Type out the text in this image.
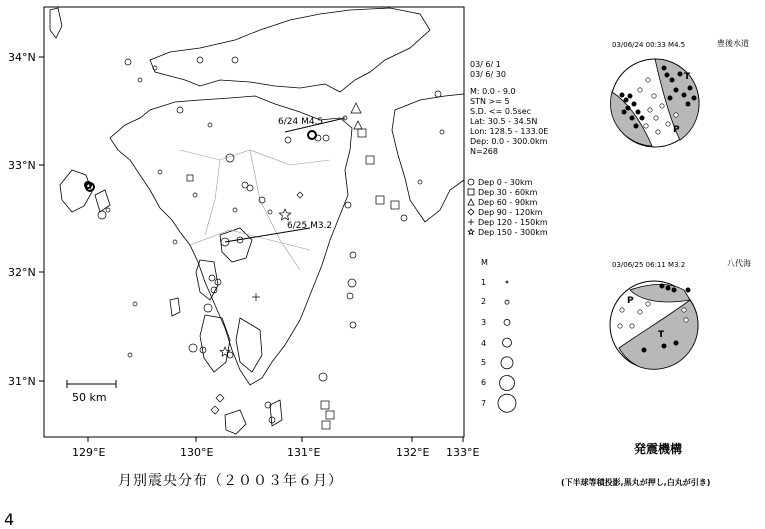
T
P
P
T
34°N
33°N
32°N
31°N
129°E	130°E	131°E	132°E 133°E
50 km
6/24 M4.5
6/25 M3.2
03/ 6/ 1
03/ 6/ 30
M: 0.0 - 9.0
STN >= 5
S.D. <= 0.5sec
Lat: 30.5 - 34.5N
Lon: 128.5 - 133.0E
Dep: 0.0 - 300.0km
N=268
Dep 0 - 30km
Dep 30 - 60km
Dep 60 - 90km
Dep 90 - 120km
Dep 120 - 150km
Dep 150 - 300km
M
1
2
3
4
5
6
7
03/06/24 00:33 M4.5	豊後水道
03/06/25 06:11 M3.2	八代海
発震機構
(下半球等積投影,黒丸が押し,白丸が引き)
月別震央分布（２００３年６月）
4
